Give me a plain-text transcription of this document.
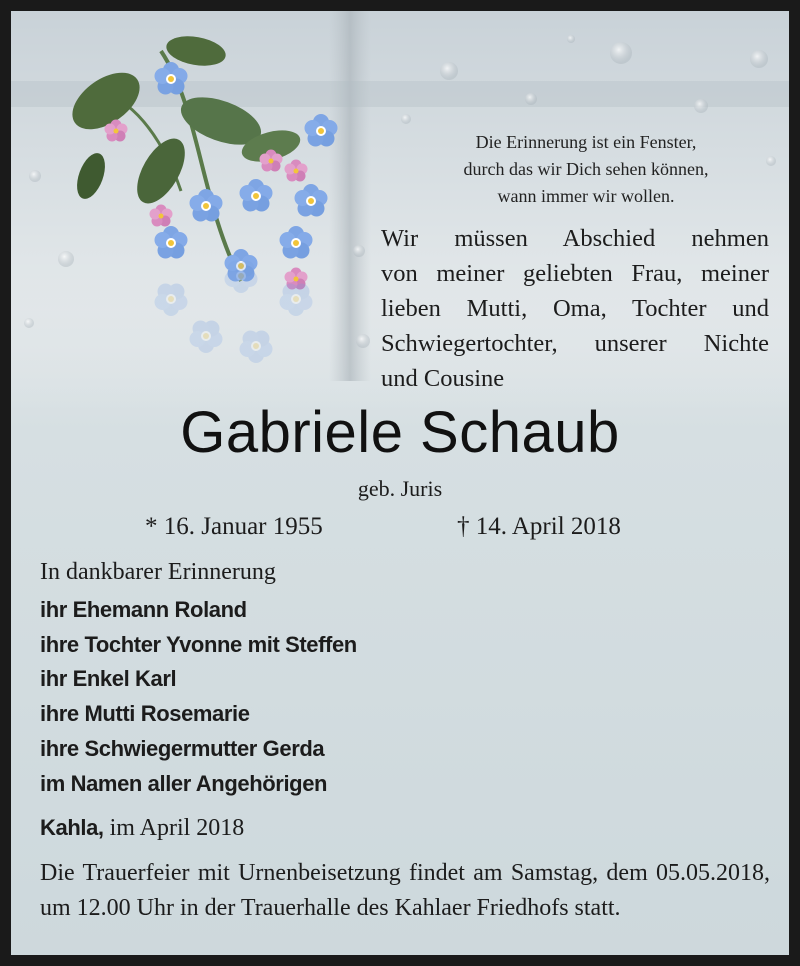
Die Erinnerung ist ein Fenster,
durch das wir Dich sehen können,
wann immer wir wollen.
Wir müssen Abschied nehmen
von meiner geliebten Frau, meiner
lieben Mutti, Oma, Tochter und
Schwiegertochter, unserer Nichte
und Cousine
Gabriele Schaub
geb. Juris
* 16. Januar 1955	† 14. April 2018
In dankbarer Erinnerung
ihr Ehemann Roland
ihre Tochter Yvonne mit Steffen
ihr Enkel Karl
ihre Mutti Rosemarie
ihre Schwiegermutter Gerda
im Namen aller Angehörigen
Kahla, im April 2018
Die Trauerfeier mit Urnenbeisetzung findet am Samstag, dem 05.05.2018, um 12.00 Uhr in der Trauerhalle des Kahlaer Friedhofs statt.
